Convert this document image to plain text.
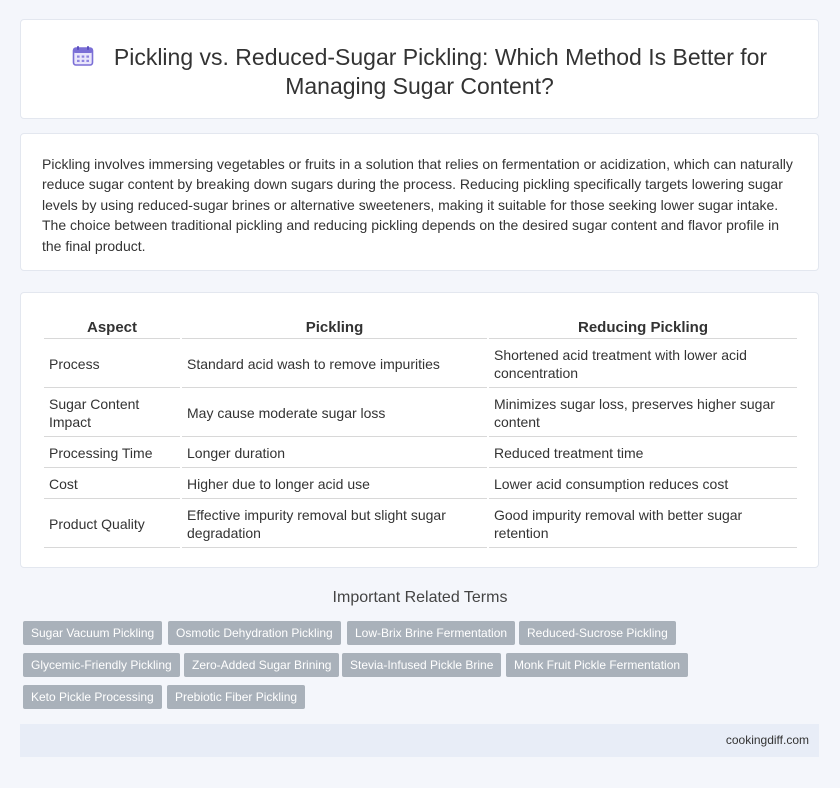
Pickling vs. Reduced-Sugar Pickling: Which Method Is Better for Managing Sugar Content?

Pickling involves immersing vegetables or fruits in a solution that relies on fermentation or acidization, which can naturally reduce sugar content by breaking down sugars during the process. Reducing pickling specifically targets lowering sugar levels by using reduced-sugar brines or alternative sweeteners, making it suitable for those seeking lower sugar intake. The choice between traditional pickling and reducing pickling depends on the desired sugar content and flavor profile in the final product.

Aspect	Pickling	Reducing Pickling
Process	Standard acid wash to remove impurities	Shortened acid treatment with lower acid concentration
Sugar Content Impact	May cause moderate sugar loss	Minimizes sugar loss, preserves higher sugar content
Processing Time	Longer duration	Reduced treatment time
Cost	Higher due to longer acid use	Lower acid consumption reduces cost
Product Quality	Effective impurity removal but slight sugar degradation	Good impurity removal with better sugar retention
Important Related Terms
Sugar Vacuum Pickling	Osmotic Dehydration Pickling	Low-Brix Brine Fermentation	Reduced-Sucrose Pickling
Glycemic-Friendly Pickling	Zero-Added Sugar Brining	Stevia-Infused Pickle Brine	Monk Fruit Pickle Fermentation
Keto Pickle Processing	Prebiotic Fiber Pickling
cookingdiff.com
